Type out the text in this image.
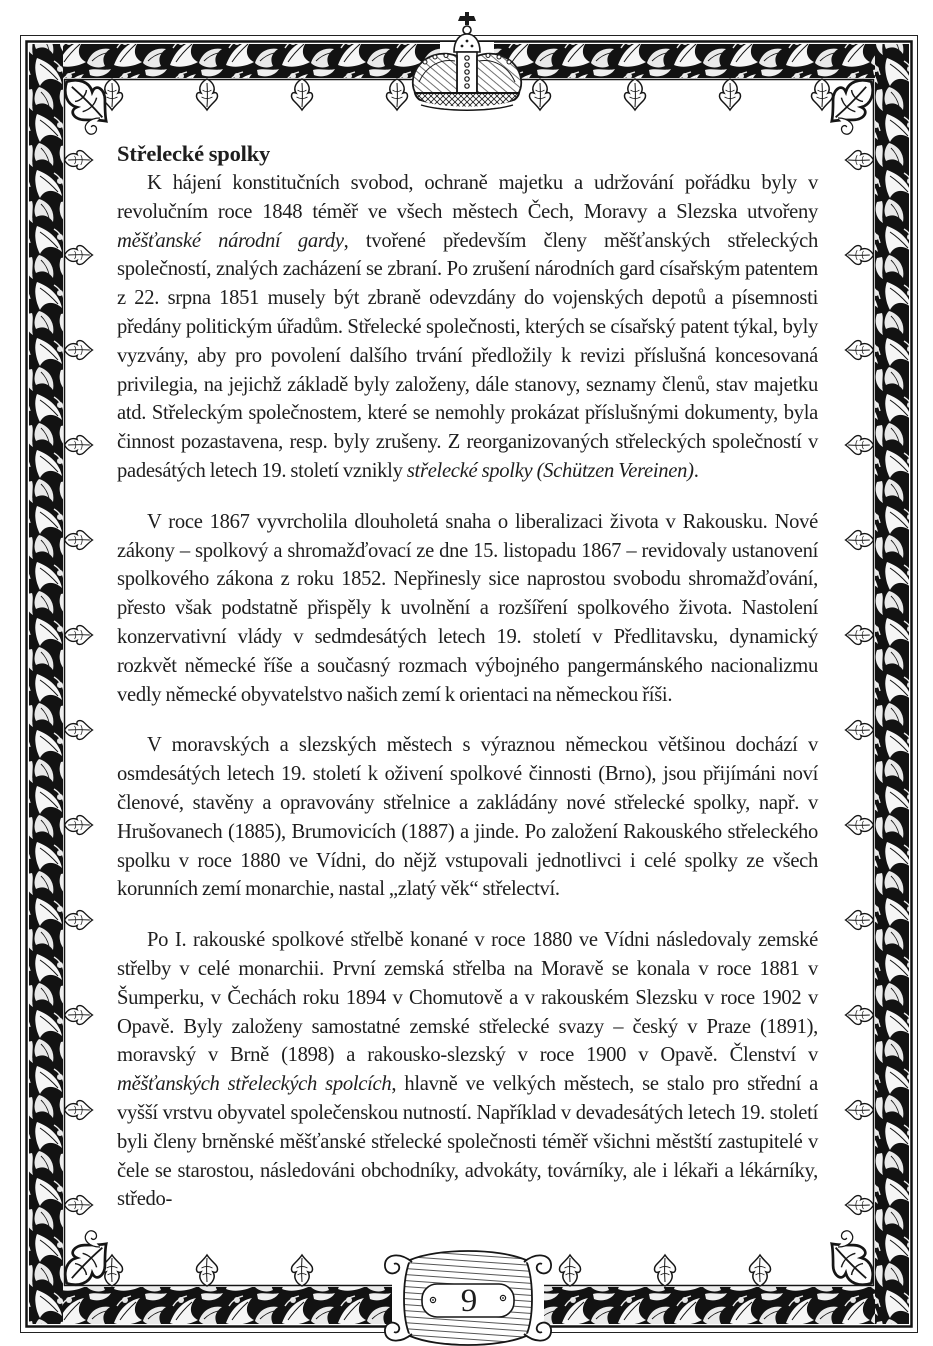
9
Střelecké spolky

K hájení konstitučních svobod, ochraně majetku a udržování pořádku byly v revolučním roce 1848 téměř ve všech městech Čech, Moravy a Slezska utvořeny měšťanské národní gardy, tvořené především členy měšťanských střeleckých společností, znalých zacházení se zbraní. Po zrušení národních gard císařským patentem z 22. srpna 1851 musely být zbraně odevzdány do vojenských depotů a písemnosti předány politickým úřadům. Střelecké společnosti, kterých se císařský patent týkal, byly vyzvány, aby pro povolení dalšího trvání předložily k revizi příslušná koncesovaná privilegia, na jejichž základě byly založeny, dále stanovy, seznamy členů, stav majetku atd. Střeleckým společnostem, které se nemohly prokázat příslušnými dokumenty, byla činnost pozastavena, resp. byly zrušeny. Z reorganizovaných střeleckých společností v padesátých letech 19. století vznikly střelecké spolky (Schützen Vereinen).

V roce 1867 vyvrcholila dlouholetá snaha o liberalizaci života v Rakousku. Nové zákony – spolkový a shromažďovací ze dne 15. listopadu 1867 – revidovaly ustanovení spolkového zákona z roku 1852. Nepřinesly sice naprostou svobodu shromažďování, přesto však podstatně přispěly k uvolnění a rozšíření spolkového života. Nastolení konzervativní vlády v sedmdesátých letech 19. století v Předlitavsku, dynamický rozkvět německé říše a současný rozmach výbojného pangermánského nacionalizmu vedly německé obyvatelstvo našich zemí k orientaci na německou říši.

V moravských a slezských městech s výraznou německou většinou dochází v osmdesátých letech 19. století k oživení spolkové činnosti (Brno), jsou přijímáni noví členové, stavěny a opravovány střelnice a zakládány nové střelecké spolky, např. v Hrušovanech (1885), Brumovicích (1887) a jinde. Po založení Rakouského střeleckého spolku v roce 1880 ve Vídni, do nějž vstupovali jednotlivci i celé spolky ze všech korunních zemí monarchie, nastal „zlatý věk“ střelectví.

Po I. rakouské spolkové střelbě konané v roce 1880 ve Vídni následovaly zemské střelby v celé monarchii. První zemská střelba na Moravě se konala v roce 1881 v Šumperku, v Čechách roku 1894 v Chomutově a v rakouském Slezsku v roce 1902 v Opavě. Byly založeny samostatné zemské střelecké svazy – český v Praze (1891), moravský v Brně (1898) a rakousko-slezský v roce 1900 v Opavě. Členství v měšťanských střeleckých spolcích, hlavně ve velkých městech, se stalo pro střední a vyšší vrstvu obyvatel společenskou nutností. Například v devadesátých letech 19. století byli členy brněnské měšťanské střelecké společnosti téměř všichni městští zastupitelé v čele se starostou, následováni obchodníky, advokáty, továrníky, ale i lékaři a lékárníky, středo-
